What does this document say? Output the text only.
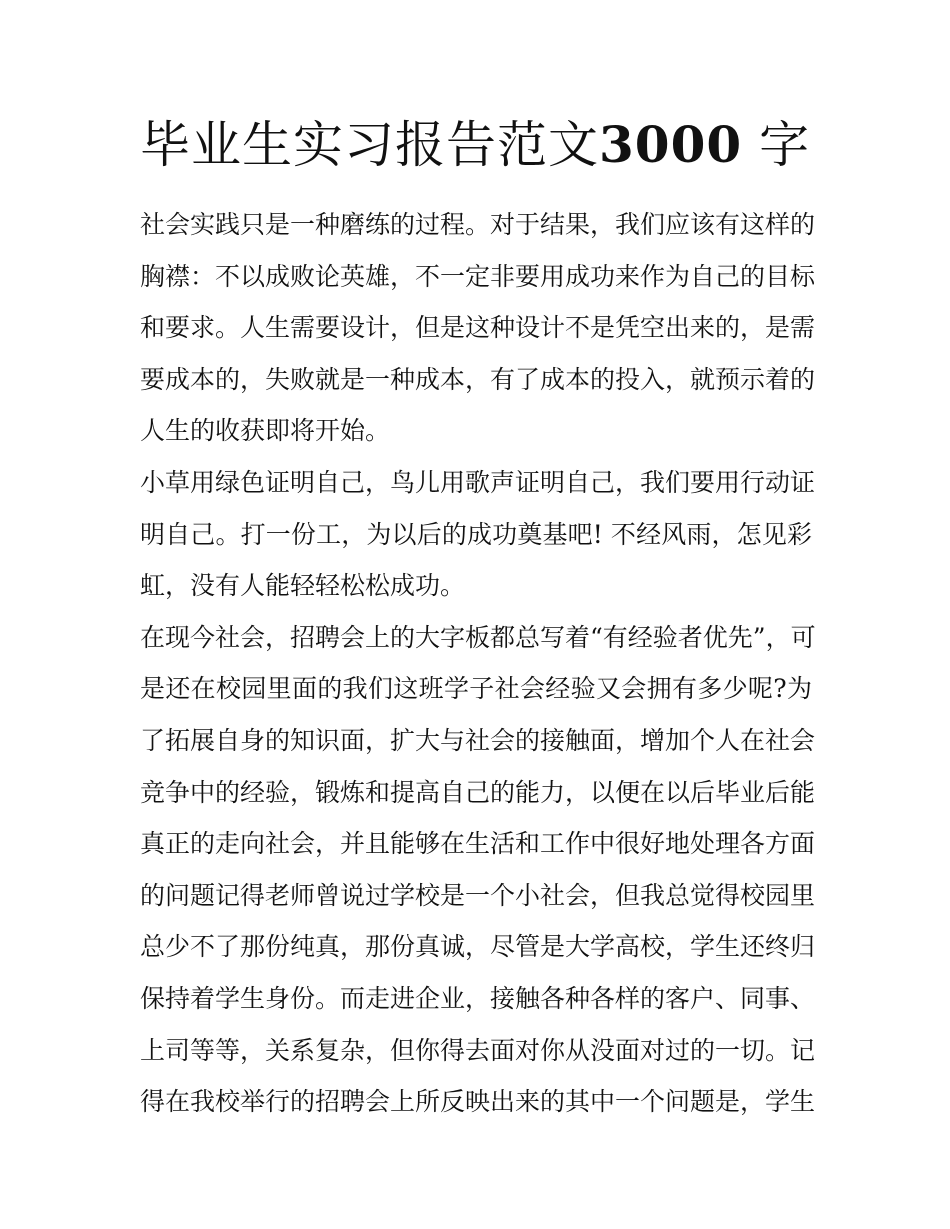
毕业生实习报告范文3000 字
社会实践只是一种磨练的过程。对于结果，我们应该有这样的
胸襟：不以成败论英雄，不一定非要用成功来作为自己的目标
和要求。人生需要设计，但是这种设计不是凭空出来的，是需
要成本的，失败就是一种成本，有了成本的投入，就预示着的
人生的收获即将开始。
小草用绿色证明自己，鸟儿用歌声证明自己，我们要用行动证
明自己。打一份工，为以后的成功奠基吧! 不经风雨，怎见彩
虹，没有人能轻轻松松成功。
在现今社会，招聘会上的大字板都总写着“有经验者优先”，可
是还在校园里面的我们这班学子社会经验又会拥有多少呢?为
了拓展自身的知识面，扩大与社会的接触面，增加个人在社会
竞争中的经验，锻炼和提高自己的能力，以便在以后毕业后能
真正的走向社会，并且能够在生活和工作中很好地处理各方面
的问题记得老师曾说过学校是一个小社会，但我总觉得校园里
总少不了那份纯真，那份真诚，尽管是大学高校，学生还终归
保持着学生身份。而走进企业，接触各种各样的客户、同事、
上司等等，关系复杂，但你得去面对你从没面对过的一切。记
得在我校举行的招聘会上所反映出来的其中一个问题是，学生
